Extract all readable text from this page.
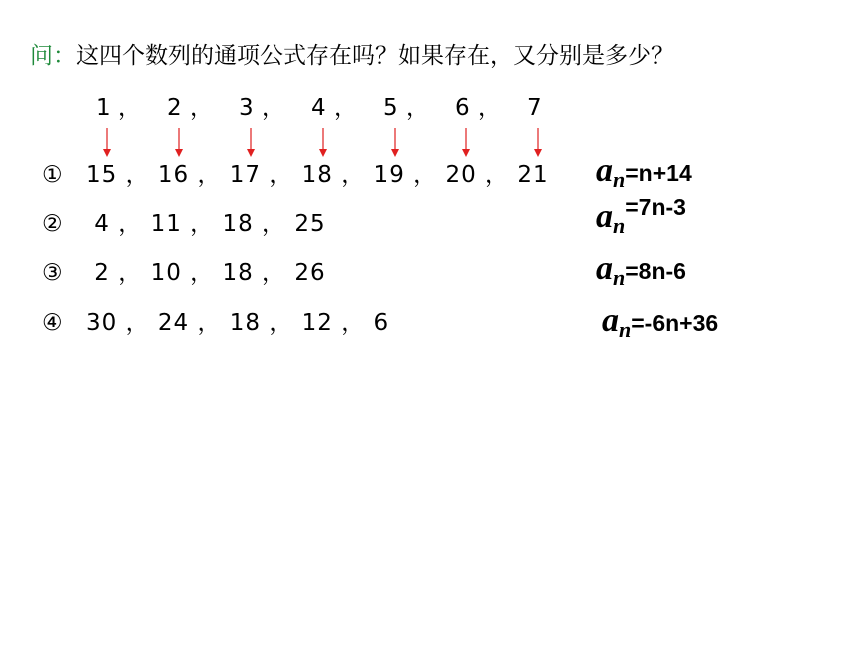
问：这四个数列的通项公式存在吗？如果存在，又分别是多少？
1 ， 2 ， 3 ， 4 ， 5 ， 6 ， 7
① 15 ， 16 ， 17 ， 18 ， 19 ， 20 ， 21
② 4 ， 11 ， 18 ， 25
③ 2 ， 10 ， 18 ， 26
④ 30 ， 24 ， 18 ， 12 ， 6
$a_n=n+14$
$a_n=7n-3$
$a_n=8n-6$
$a_n=-6n+36$
